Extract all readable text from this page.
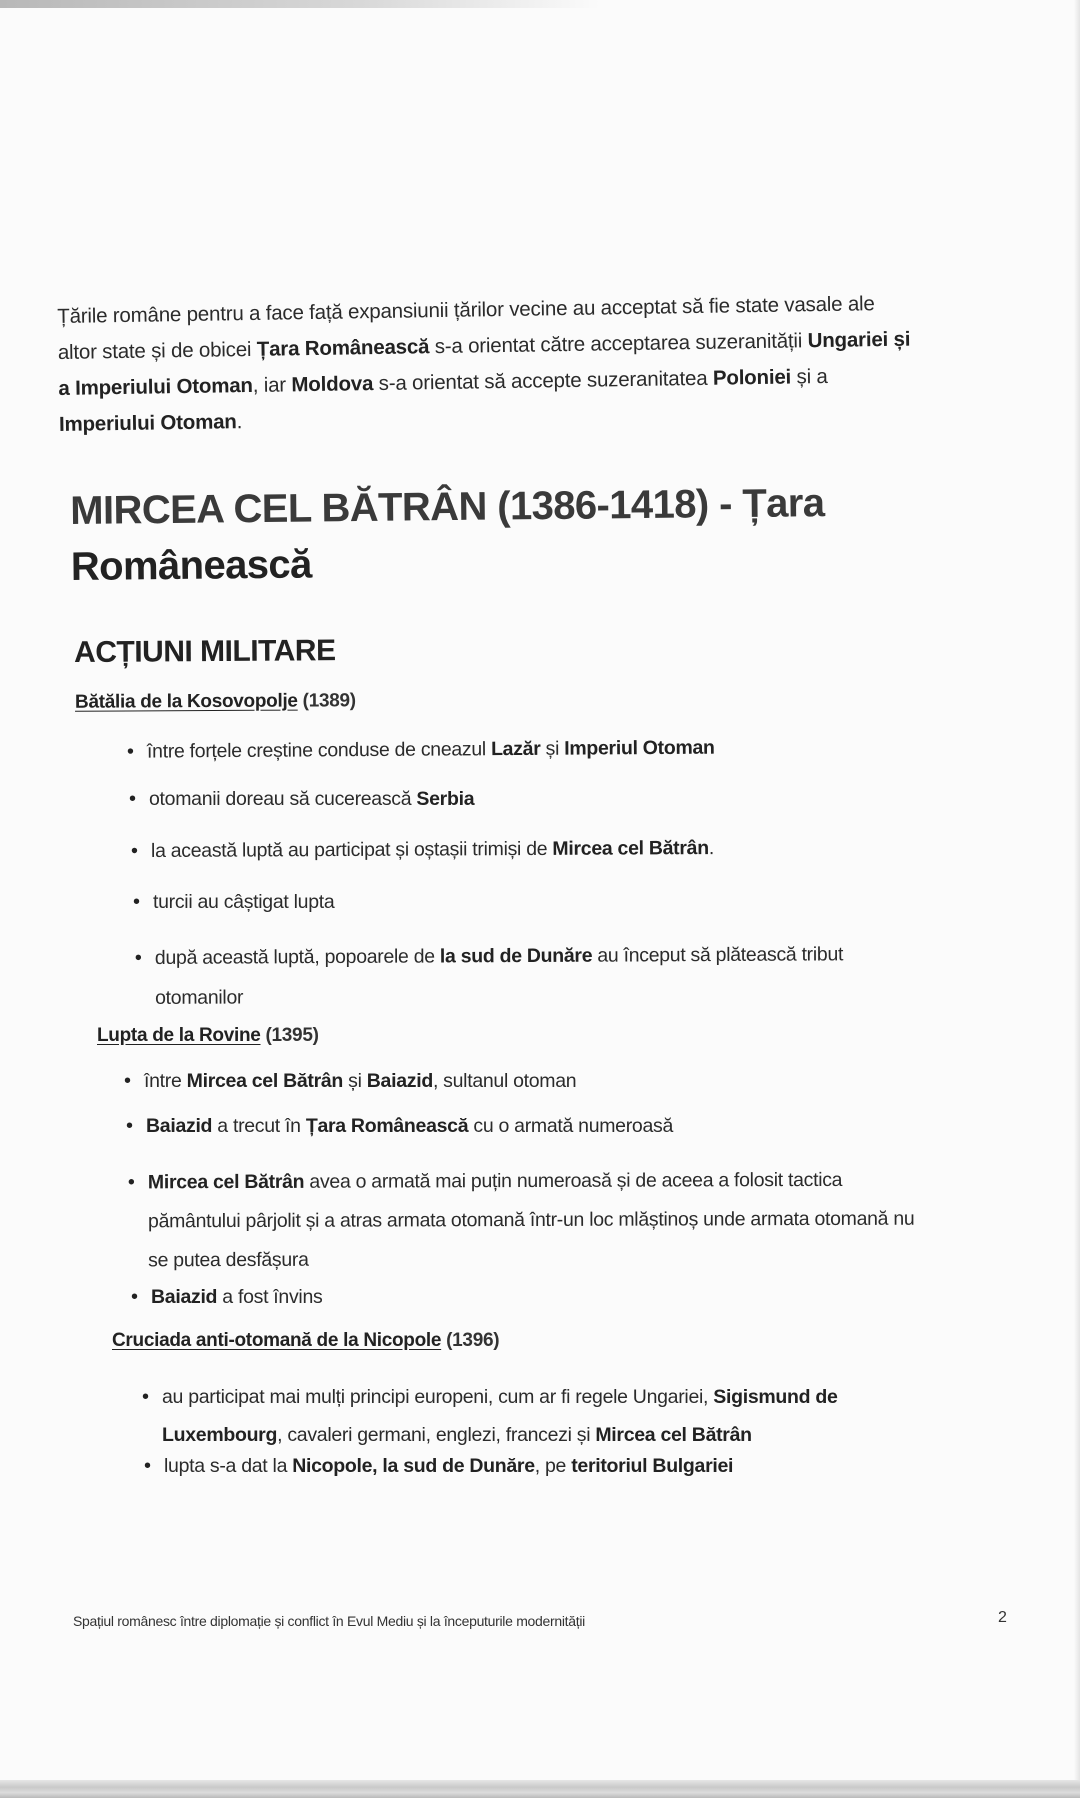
Țările române pentru a face față expansiunii țărilor vecine au acceptat să fie state vasale ale altor state și de obicei Țara Românească s-a orientat către acceptarea suzeranității Ungariei și a Imperiului Otoman, iar Moldova s-a orientat să accepte suzeranitatea Poloniei și a Imperiului Otoman.

MIRCEA CEL BĂTRÂN (1386-1418) - Țara
Românească
ACȚIUNI MILITARE
Bătălia de la Kosovopolje (1389)
• între forțele creștine conduse de cneazul Lazăr și Imperiul Otoman
• otomanii doreau să cucerească Serbia
• la această luptă au participat și oștașii trimiși de Mircea cel Bătrân.
• turcii au câștigat lupta
• după această luptă, popoarele de la sud de Dunăre au început să plătească tribut otomanilor
Lupta de la Rovine (1395)
• între Mircea cel Bătrân și Baiazid, sultanul otoman
• Baiazid a trecut în Țara Românească cu o armată numeroasă
• Mircea cel Bătrân avea o armată mai puțin numeroasă și de aceea a folosit tactica pământului pârjolit și a atras armata otomană într-un loc mlăștinoș unde armata otomană nu se putea desfășura
• Baiazid a fost învins
Cruciada anti-otomană de la Nicopole (1396)
• au participat mai mulți principi europeni, cum ar fi regele Ungariei, Sigismund de Luxembourg, cavaleri germani, englezi, francezi și Mircea cel Bătrân
• lupta s-a dat la Nicopole, la sud de Dunăre, pe teritoriul Bulgariei
Spațiul românesc între diplomație și conflict în Evul Mediu și la începuturile modernității	2
